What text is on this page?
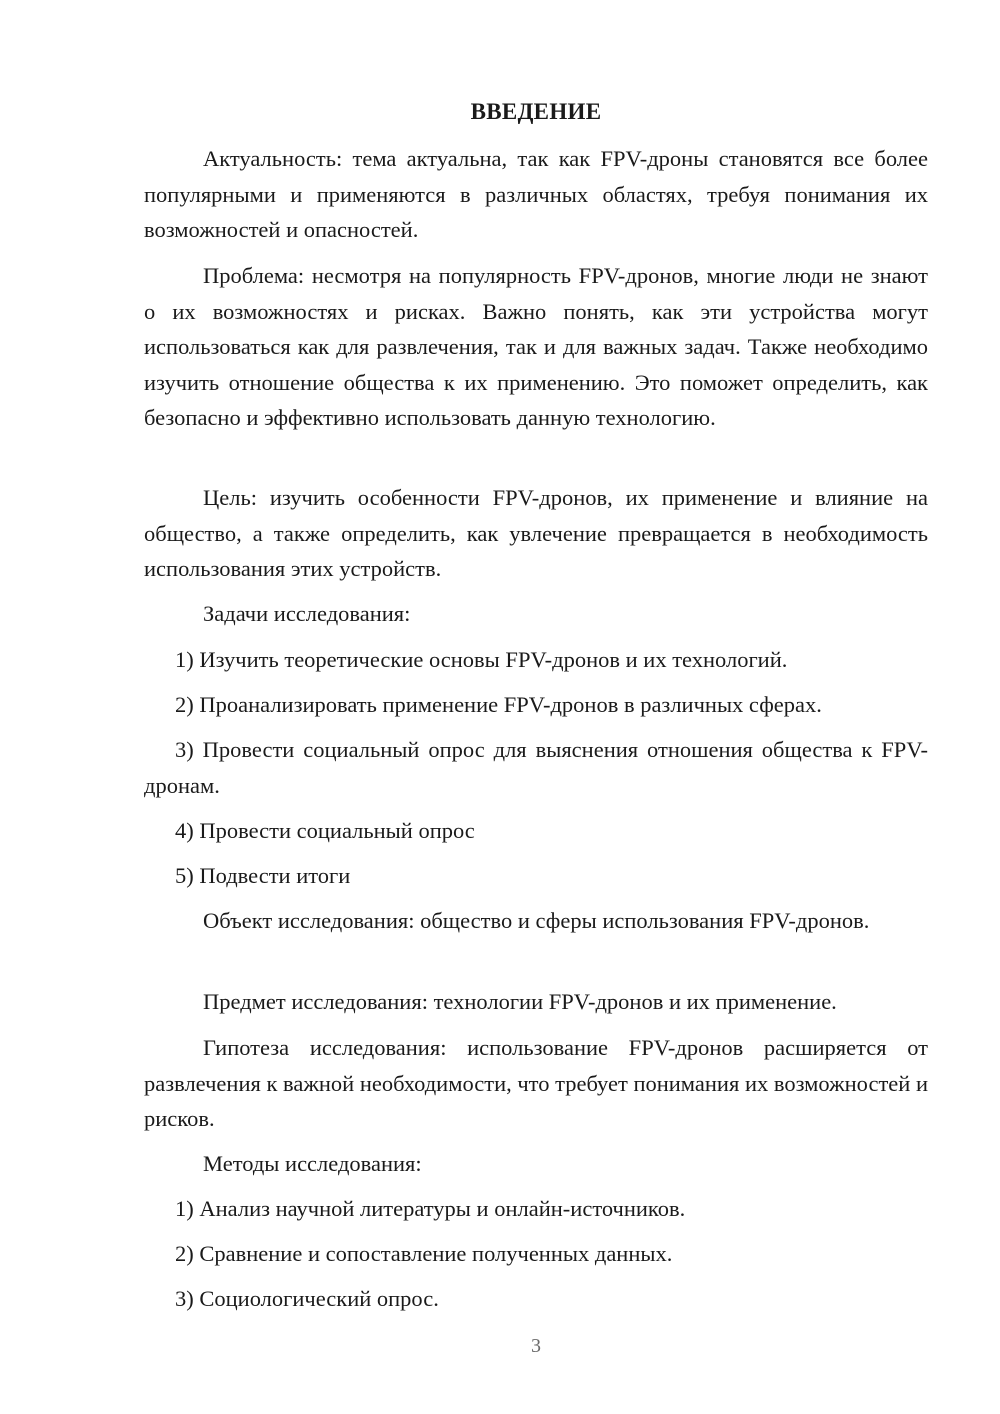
ВВЕДЕНИЕ

Актуальность: тема актуальна, так как FPV-дроны становятся все более популярными и применяются в различных областях, требуя понимания их возможностей и опасностей.

Проблема: несмотря на популярность FPV-дронов, многие люди не знают о их возможностях и рисках. Важно понять, как эти устройства могут использоваться как для развлечения, так и для важных задач. Также необходимо изучить отношение общества к их применению. Это поможет определить, как безопасно и эффективно использовать данную технологию.

Цель: изучить особенности FPV-дронов, их применение и влияние на общество, а также определить, как увлечение превращается в необходимость использования этих устройств.

Задачи исследования:

1) Изучить теоретические основы FPV-дронов и их технологий.

2) Проанализировать применение FPV-дронов в различных сферах.

3) Провести социальный опрос для выяснения отношения общества к FPV-дронам.

4) Провести социальный опрос

5) Подвести итоги

Объект исследования: общество и сферы использования FPV-дронов.

Предмет исследования: технологии FPV-дронов и их применение.

Гипотеза исследования: использование FPV-дронов расширяется от развлечения к важной необходимости, что требует понимания их возможностей и рисков.

Методы исследования:

1) Анализ научной литературы и онлайн-источников.

2) Сравнение и сопоставление полученных данных.

3) Социологический опрос.

3
